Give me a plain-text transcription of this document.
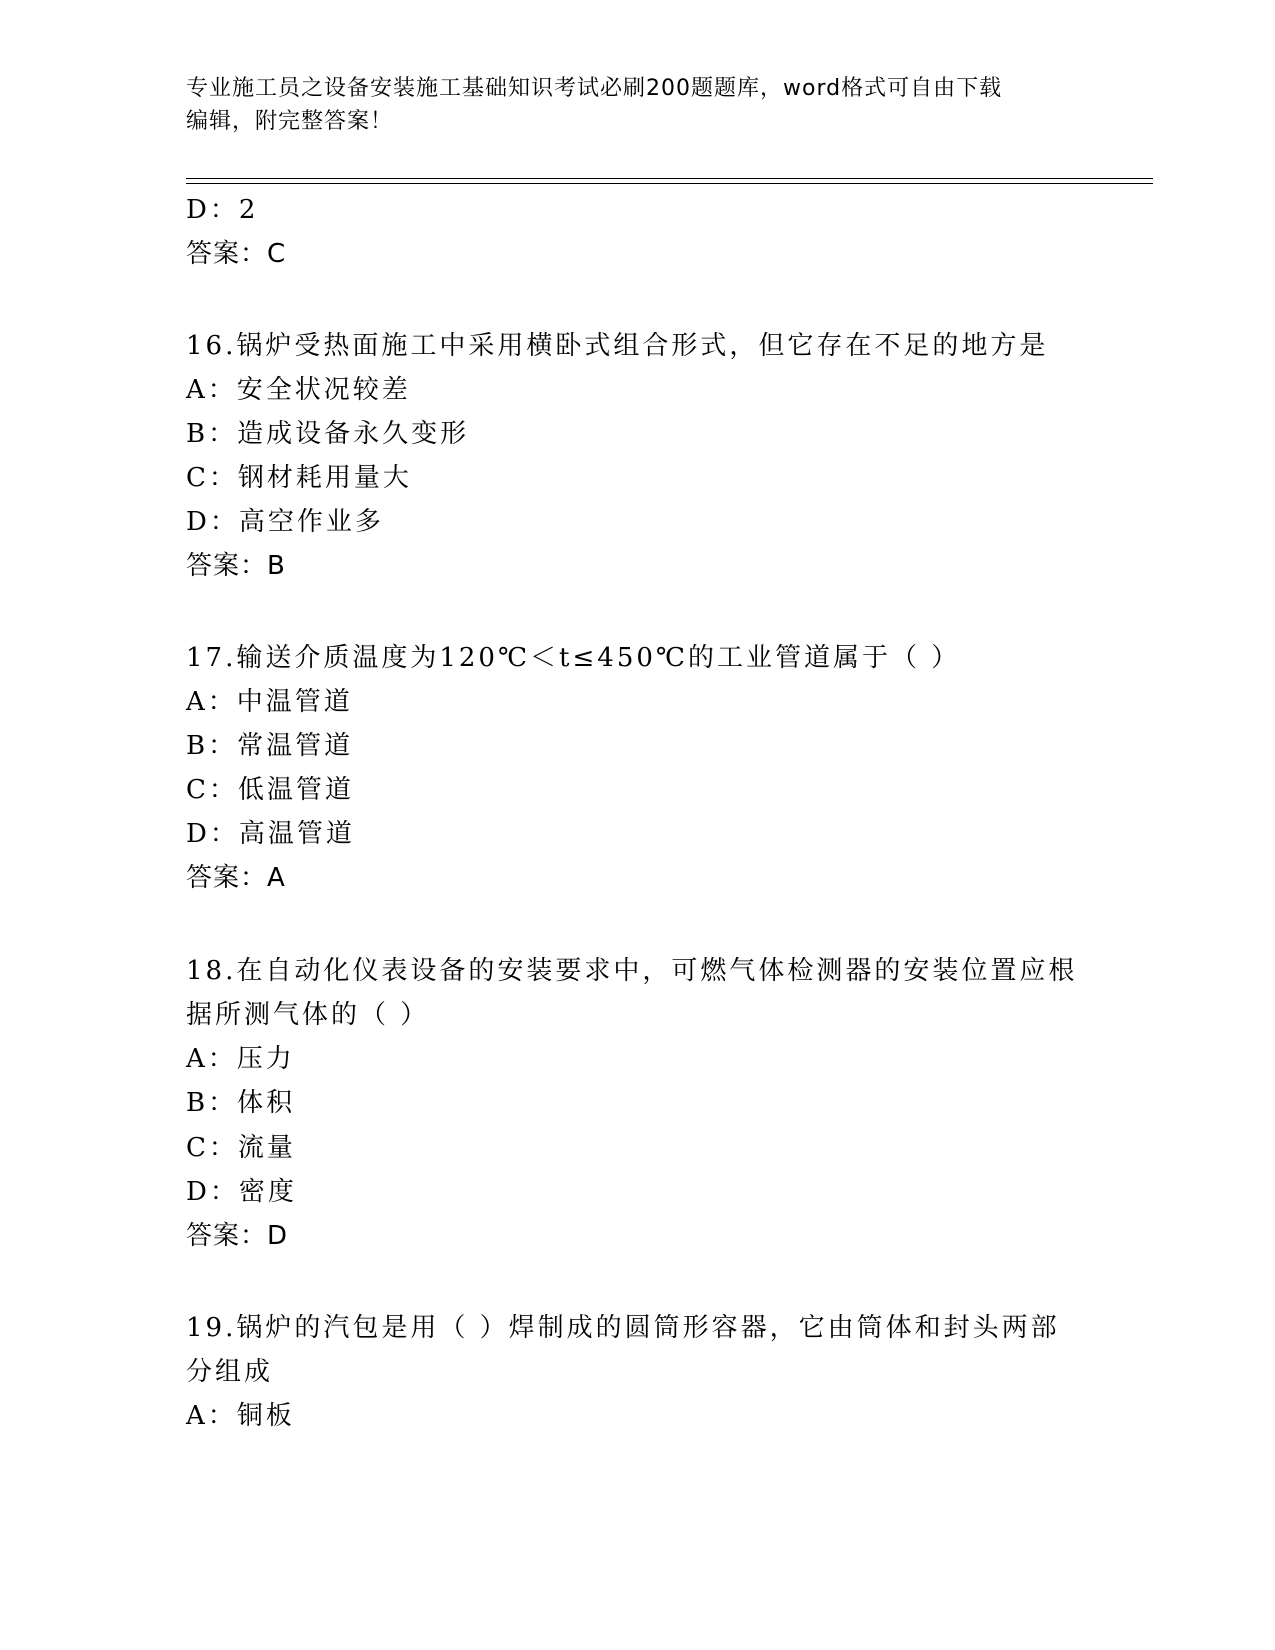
专业施工员之设备安装施工基础知识考试必刷200题题库，word格式可自由下载
编辑，附完整答案！
D：2
答案：C
16.锅炉受热面施工中采用横卧式组合形式，但它存在不足的地方是
A：安全状况较差
B：造成设备永久变形
C：钢材耗用量大
D：高空作业多
答案：B
17.输送介质温度为120℃＜t≤450℃的工业管道属于（ ）
A：中温管道
B：常温管道
C：低温管道
D：高温管道
答案：A
18.在自动化仪表设备的安装要求中，可燃气体检测器的安装位置应根
据所测气体的（ ）
A：压力
B：体积
C：流量
D：密度
答案：D
19.锅炉的汽包是用（ ）焊制成的圆筒形容器，它由筒体和封头两部
分组成
A：铜板
